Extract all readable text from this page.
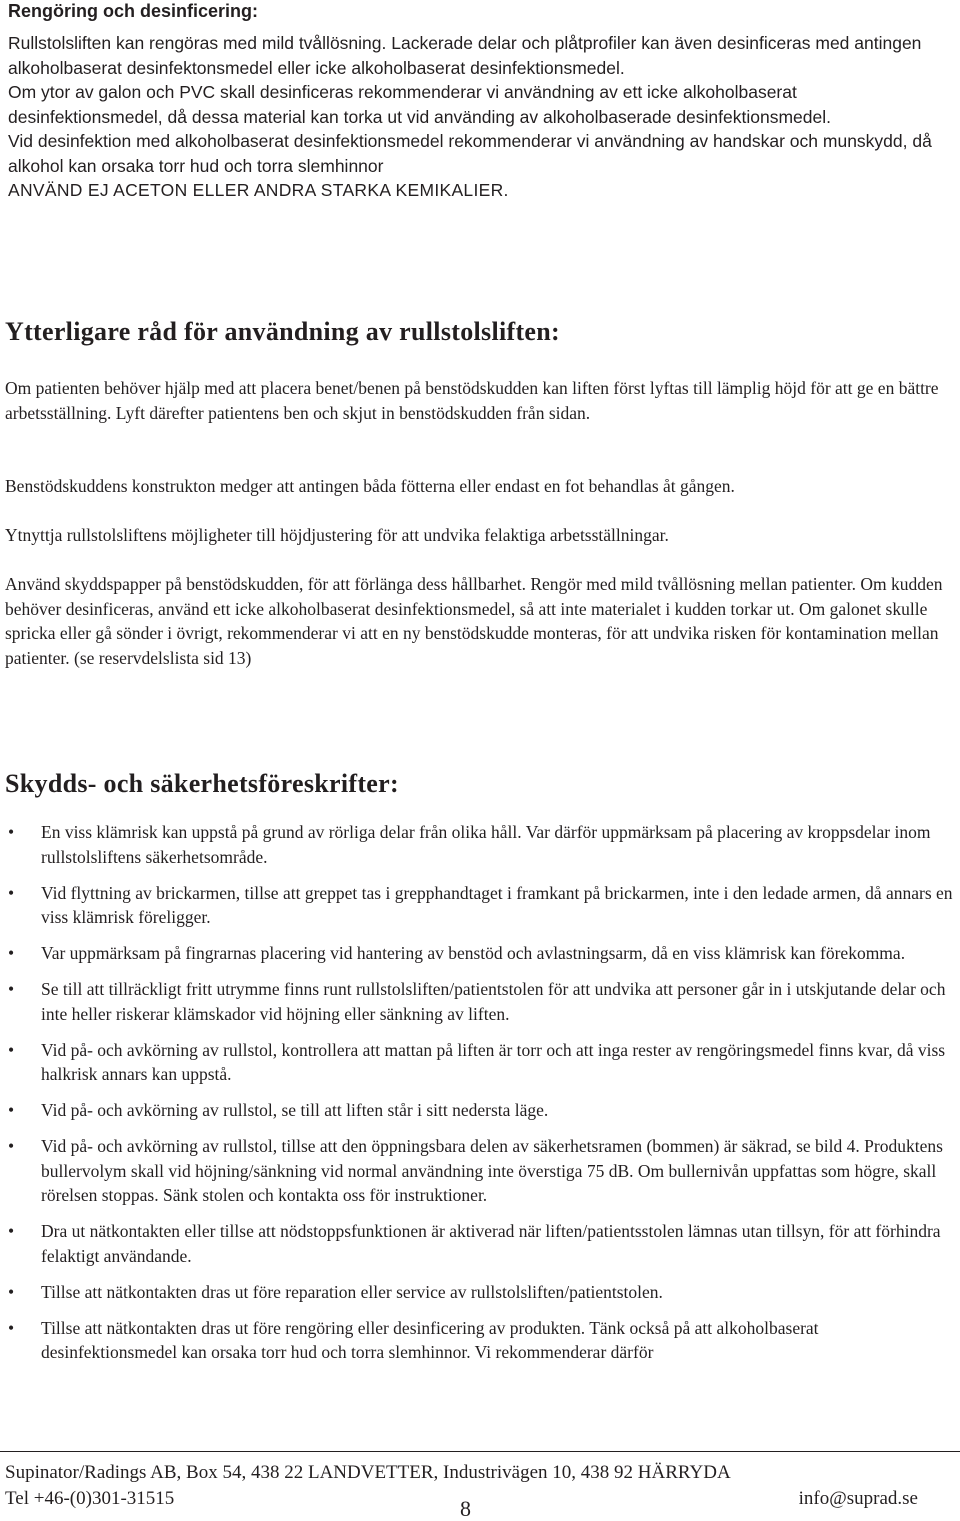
Rengöring och desinficering:

Rullstolsliften kan rengöras med mild tvållösning. Lackerade delar och plåtprofiler kan även desinficeras med antingen alkoholbaserat desinfektonsmedel eller icke alkoholbaserat desinfektionsmedel.

Om ytor av galon och PVC skall desinficeras rekommenderar vi användning av ett icke alkoholbaserat desinfektionsmedel, då dessa material kan torka ut vid använding av alkoholbaserade desinfektionsmedel.

Vid desinfektion med alkoholbaserat desinfektionsmedel rekommenderar vi användning av handskar och munskydd, då alkohol kan orsaka torr hud och torra slemhinnor

ANVÄND EJ ACETON ELLER ANDRA STARKA KEMIKALIER.

Ytterligare råd för användning av rullstolsliften:

Om patienten behöver hjälp med att placera benet/benen på benstödskudden kan liften först lyftas till lämplig höjd för att ge en bättre arbetsställning. Lyft därefter patientens ben och skjut in benstödskudden från sidan.

Benstödskuddens konstrukton medger att antingen båda fötterna eller endast en fot behandlas åt gången.

Ytnyttja rullstolsliftens möjligheter till höjdjustering för att undvika felaktiga arbetsställningar.

Använd skyddspapper på benstödskudden, för att förlänga dess hållbarhet. Rengör med mild tvållösning mellan patienter. Om kudden behöver desinficeras, använd ett icke alkoholbaserat desinfektionsmedel, så att inte materialet i kudden torkar ut. Om galonet skulle spricka eller gå sönder i övrigt, rekommenderar vi att en ny benstödskudde monteras, för att undvika risken för kontamination mellan patienter. (se reservdelslista sid 13)

Skydds- och säkerhetsföreskrifter:
• En viss klämrisk kan uppstå på grund av rörliga delar från olika håll. Var därför uppmärksam på placering av kroppsdelar inom rullstolsliftens säkerhetsområde.
• Vid flyttning av brickarmen, tillse att greppet tas i grepphandtaget i framkant på brickarmen, inte i den ledade armen, då annars en viss klämrisk föreligger.
• Var uppmärksam på fingrarnas placering vid hantering av benstöd och avlastningsarm, då en viss klämrisk kan förekomma.
• Se till att tillräckligt fritt utrymme finns runt rullstolsliften/patientstolen för att undvika att personer går in i utskjutande delar och inte heller riskerar klämskador vid höjning eller sänkning av liften.
• Vid på- och avkörning av rullstol, kontrollera att mattan på liften är torr och att inga rester av rengöringsmedel finns kvar, då viss halkrisk annars kan uppstå.
• Vid på- och avkörning av rullstol, se till att liften står i sitt nedersta läge.
• Vid på- och avkörning av rullstol, tillse att den öppningsbara delen av säkerhetsramen (bommen) är säkrad, se bild 4. Produktens bullervolym skall vid höjning/sänkning vid normal användning inte överstiga 75 dB. Om bullernivån uppfattas som högre, skall rörelsen stoppas. Sänk stolen och kontakta oss för instruktioner.
• Dra ut nätkontakten eller tillse att nödstoppsfunktionen är aktiverad när liften/patientsstolen lämnas utan tillsyn, för att förhindra felaktigt användande.
• Tillse att nätkontakten dras ut före reparation eller service av rullstolsliften/patientstolen.
• Tillse att nätkontakten dras ut före rengöring eller desinficering av produkten. Tänk också på att alkoholbaserat desinfektionsmedel kan orsaka torr hud och torra slemhinnor. Vi rekommenderar därför
Supinator/Radings AB, Box 54, 438 22 LANDVETTER, Industrivägen 10, 438 92 HÄRRYDA
Tel +46-(0)301-31515	info@suprad.se
8
